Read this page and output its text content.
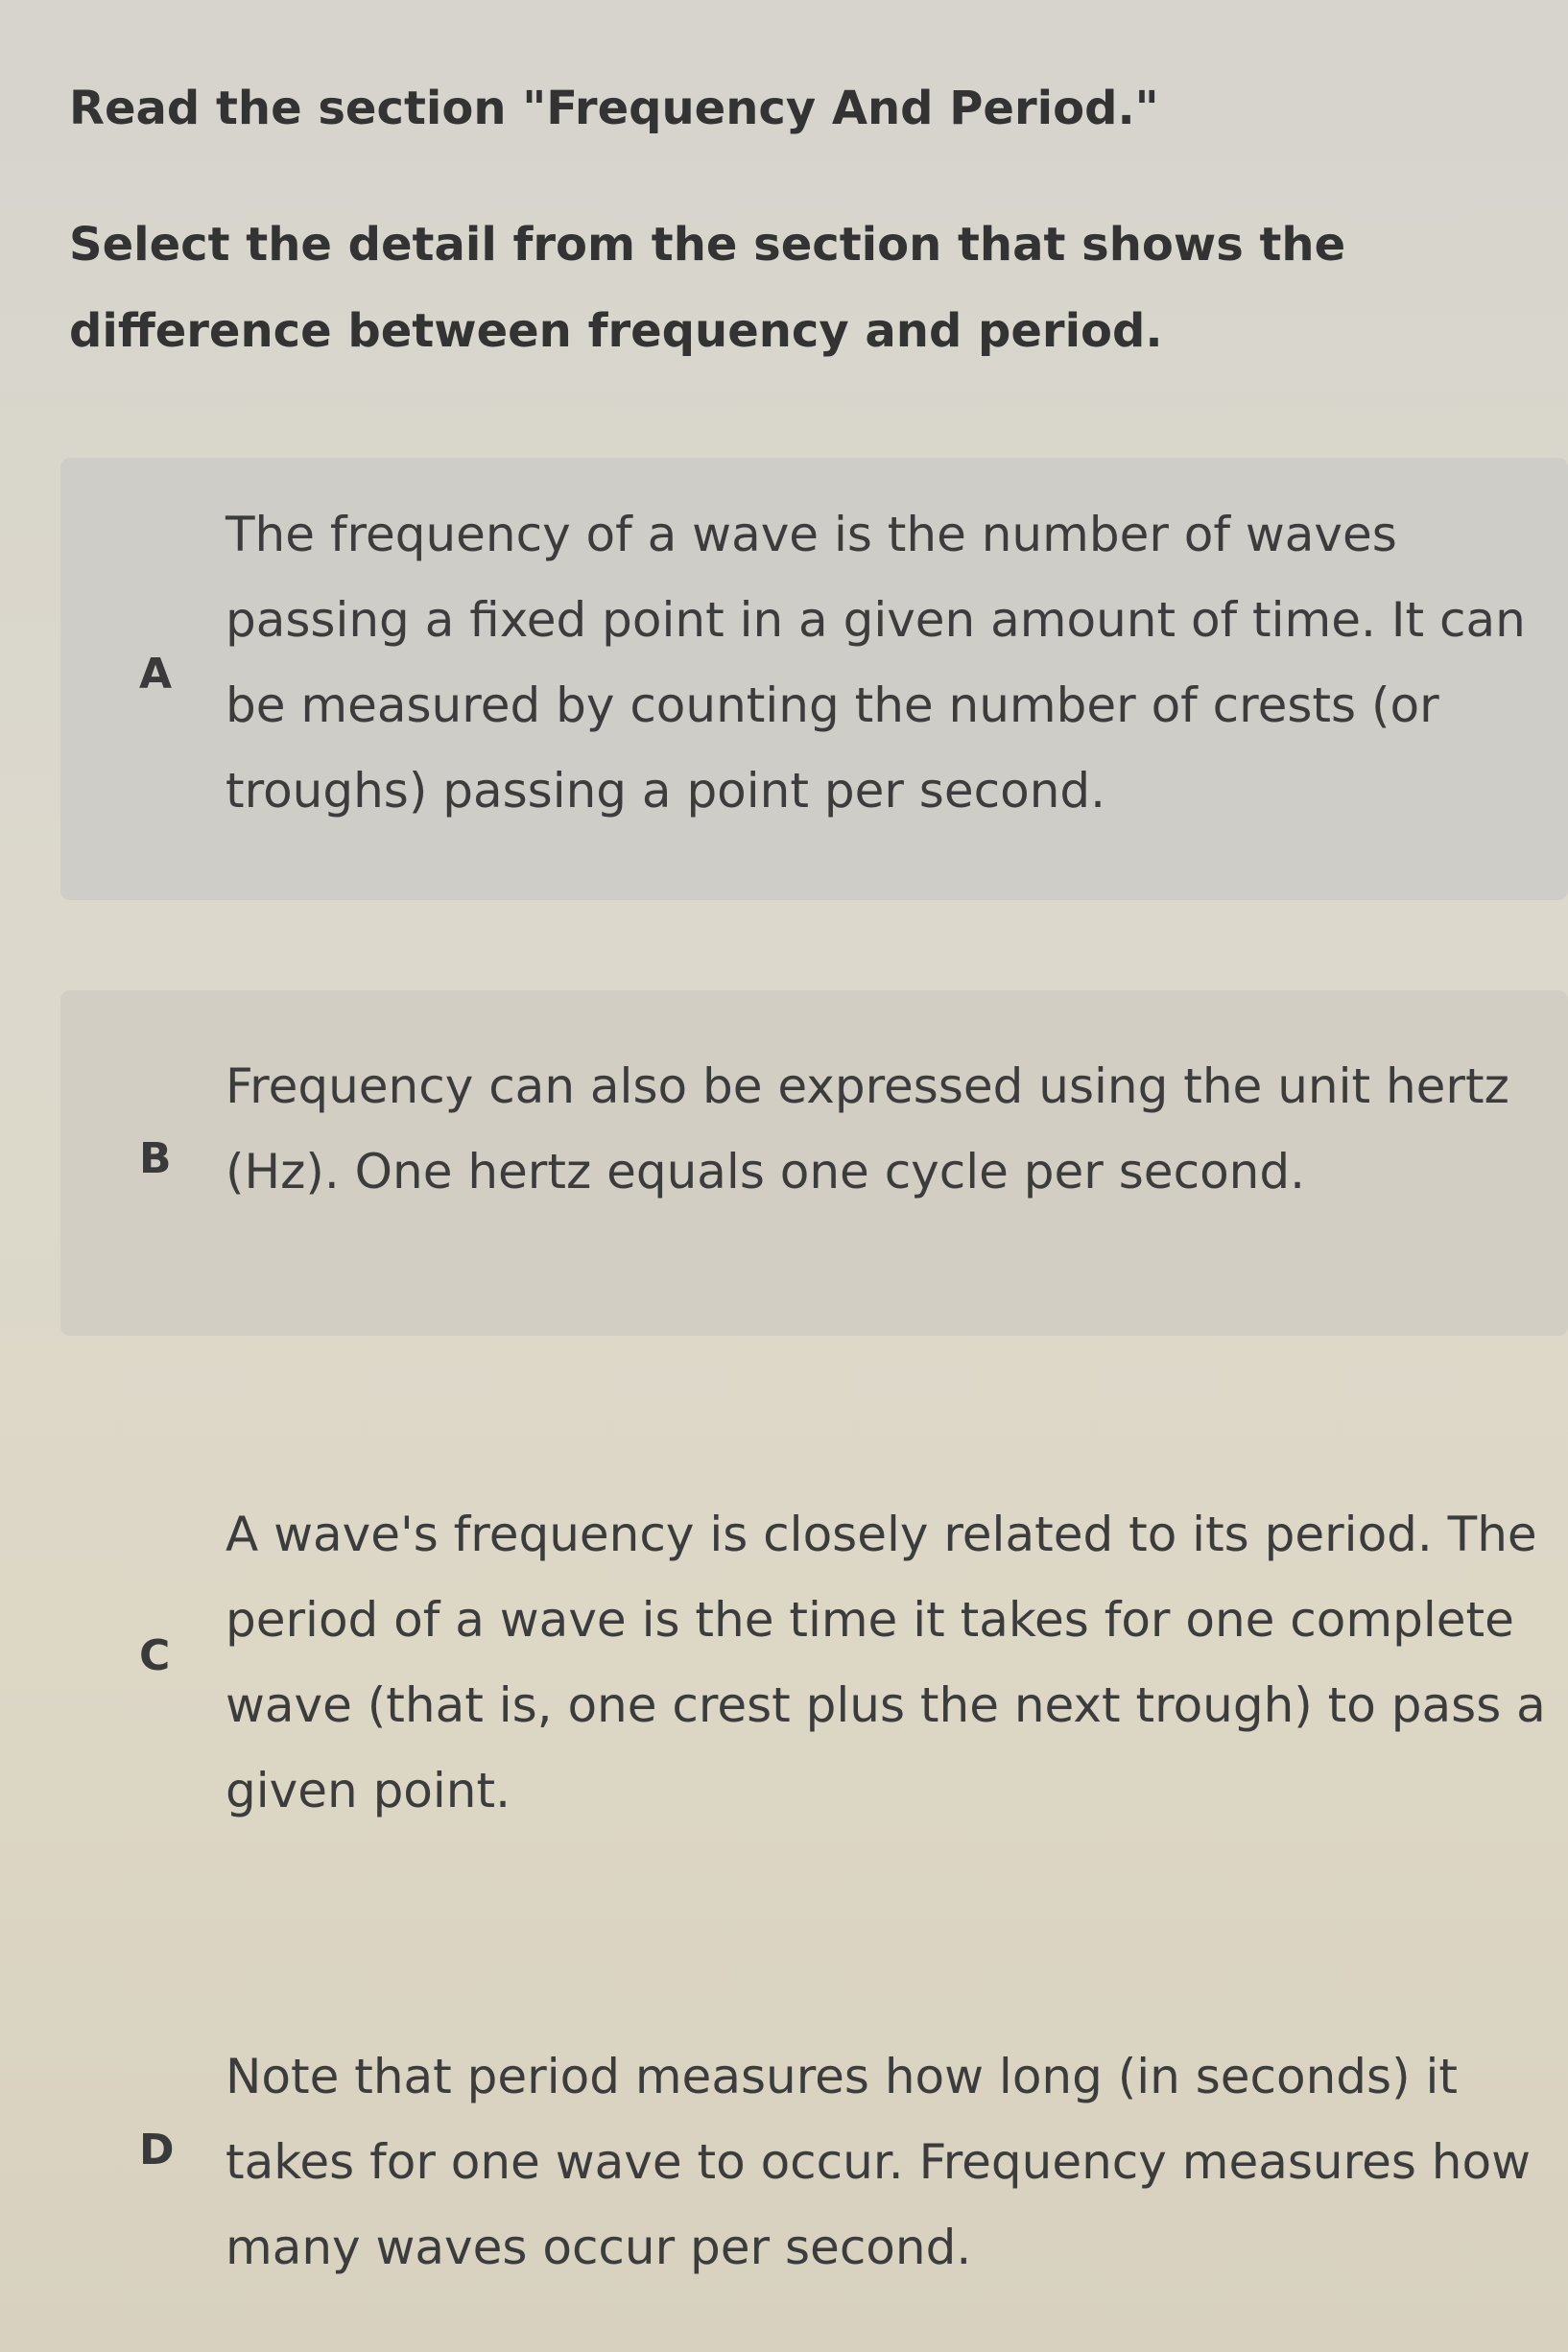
Read the section "Frequency And Period."
Select the detail from the section that shows the difference between frequency and period.
A
The frequency of a wave is the number of waves passing a fixed point in a given amount of time. It can be measured by counting the number of crests (or troughs) passing a point per second.
B
Frequency can also be expressed using the unit hertz (Hz). One hertz equals one cycle per second.
C
A wave's frequency is closely related to its period. The period of a wave is the time it takes for one complete wave (that is, one crest plus the next trough) to pass a given point.
D
Note that period measures how long (in seconds) it takes for one wave to occur. Frequency measures how many waves occur per second.
